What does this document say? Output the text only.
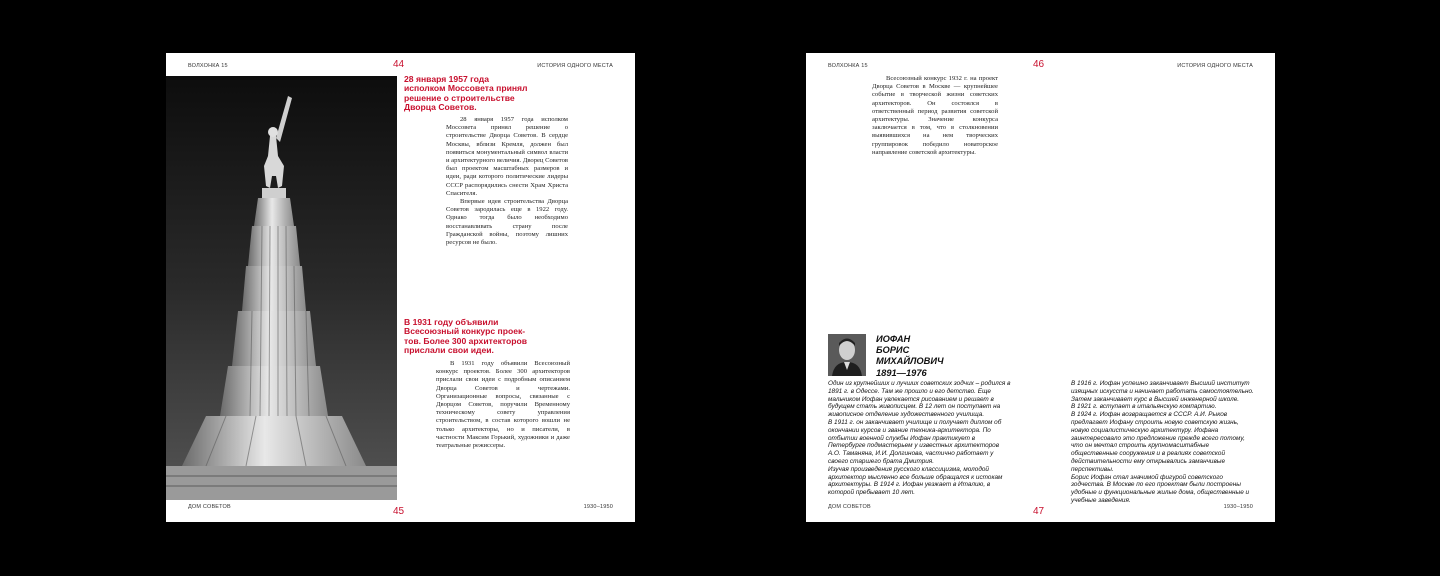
ВОЛХОНКА 15	44	ИСТОРИЯ ОДНОГО МЕСТА
28 января 1957 года
исполком Моссовета принял
решение о строительстве
Дворца Советов.

28 января 1957 года исполком Моссовета принял решение о строительстве Дворца Советов. В сердце Москвы, вблизи Кремля, должен был появиться монументальный символ власти и архитектурного величия. Дворец Советов был проектом масштабных размеров и идеи, ради которого политические лидеры СССР распорядились снести Храм Христа Спасителя.

Впервые идея строительства Дворца Советов зародилась еще в 1922 году. Однако тогда было необходимо восстанавливать страну после Гражданской войны, поэтому лишних ресурсов не было.

В 1931 году объявили
Всесоюзный конкурс проек-
тов. Более 300 архитекторов
прислали свои идеи.

В 1931 году объявили Всесоюзный конкурс проектов. Более 300 архитекторов прислали свои идеи с подробным описанием Дворца Советов и чертежами. Организационные вопросы, связанные с Дворцом Советов, поручили Временному техническому совету управления строительством, в состав которого вошли не только архитекторы, но и писатели, в частности Максим Горький, художники и даже театральные режиссеры.

ДОМ СОВЕТОВ	45	1930–1950
ВОЛХОНКА 15	46	ИСТОРИЯ ОДНОГО МЕСТА

Всесоюзный конкурс 1932 г. на проект Дворца Советов в Москве — крупнейшее событие в творческой жизни советских архитекторов. Он состоялся в ответственный период развития советской архитектуры. Значение конкурса заключается в том, что в столкновении выявившихся на нем творческих группировок победило новаторское направление советской архитектуры.

ИОФАН
БОРИС
МИХАЙЛОВИЧ
1891—1976

Один из крупнейших и лучших советских зодчих – родился в 1891 г. в Одессе. Там же прошло и его детство. Еще мальчиком Иофан увлекается рисованием и решает в будущем стать живописцем. В 12 лет он поступает на живописное отделение художественного училища.

В 1911 г. он заканчивает училище и получает диплом об окончании курсов и звание техника-архитектора. По отбытии военной службы Иофан практикует в Петербурге подмастерьем у известных архитекторов А.О. Таманяна, И.И. Долгинова, частично работает у своего старшего брата Дмитрия.

Изучая произведения русского классицизма, молодой архитектор мысленно все больше обращался к истокам архитектуры. В 1914 г. Иофан уезжает в Италию, в которой пребывает 10 лет.

В 1916 г. Иофан успешно заканчивает Высший институт изящных искусств и начинает работать самостоятельно. Затем заканчивает курс в Высшей инженерной школе.

В 1921 г. вступает в итальянскую компартию.

В 1924 г. Иофан возвращается в СССР. А.И. Рыков предлагает Иофану строить новую советскую жизнь, новую социалистическую архитектуру. Иофана заинтересовало это предложение прежде всего потому, что он мечтал строить крупномасштабные общественные сооружения и в реалиях советской действительности ему открывались заманчивые перспективы.

Борис Иофан стал значимой фигурой советского зодчества. В Москве по его проектам были построены удобные и функциональные жилые дома, общественные и учебные заведения.

ДОМ СОВЕТОВ	47	1930–1950
